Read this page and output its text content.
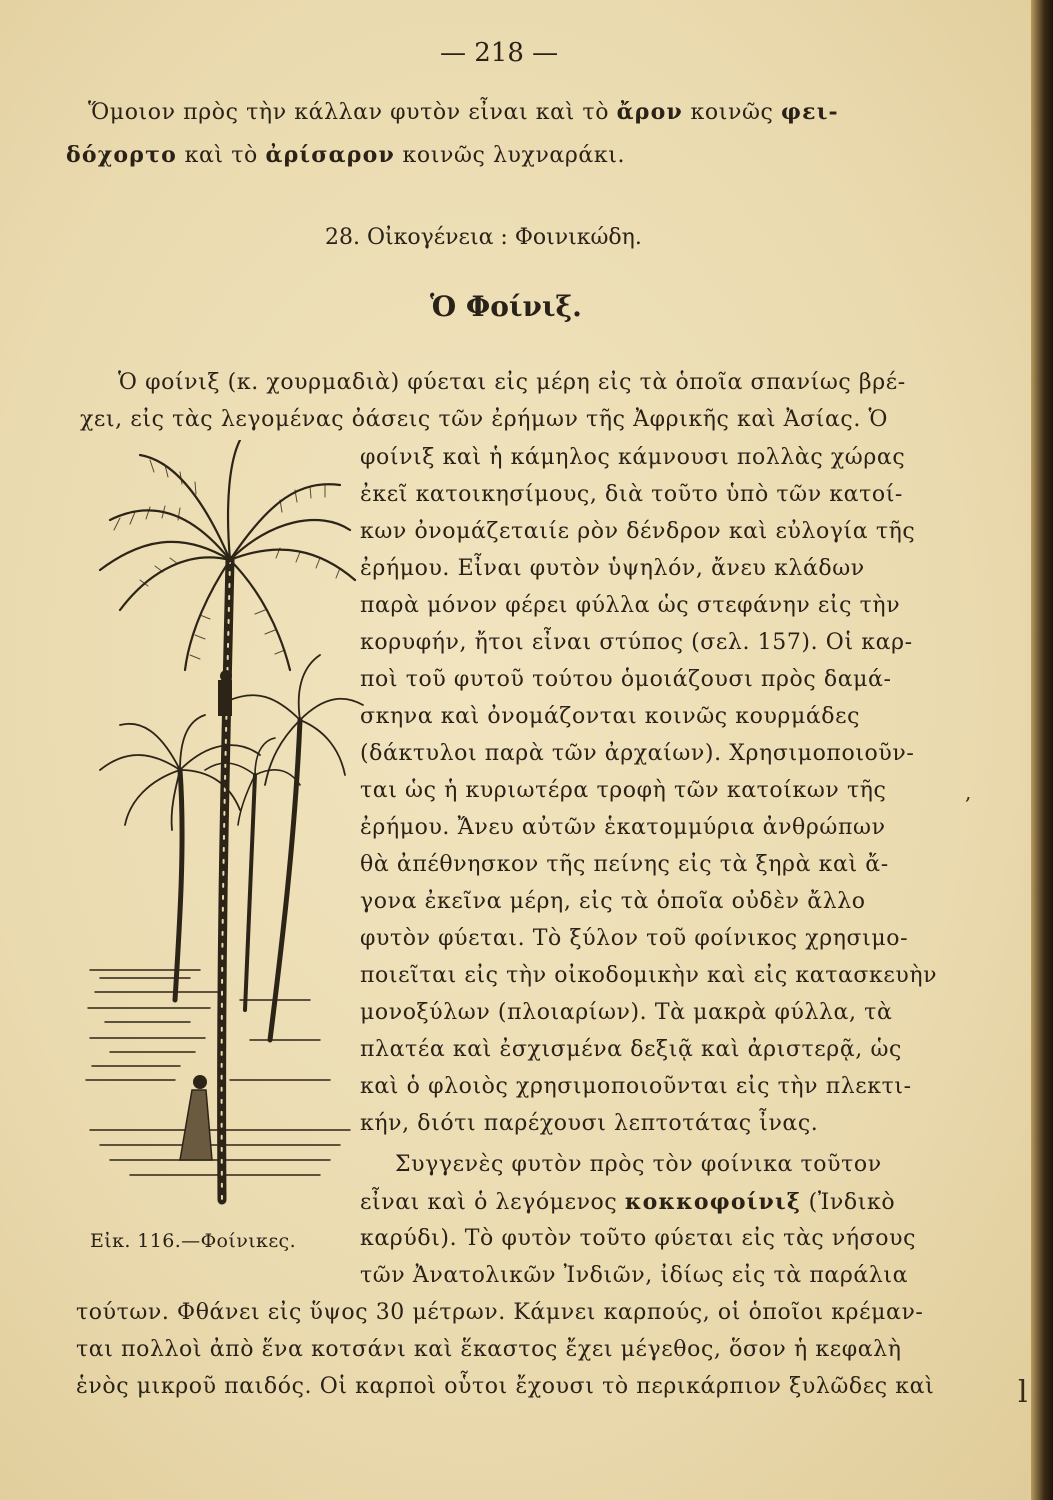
— 218 —
Ὅμοιον πρὸς τὴν κάλλαν φυτὸν εἶναι καὶ τὸ ἄρον κοινῶς φει-
δόχορτο καὶ τὸ ἀρίσαρον κοινῶς λυχναράκι.
28. Οἰκογένεια : Φοινικώδη.
Ὁ Φοίνιξ.
Ὁ φοίνιξ (κ. χουρμαδιὰ) φύεται εἰς μέρη εἰς τὰ ὁποῖα σπανίως βρέ-
χει, εἰς τὰς λεγομένας ὀάσεις τῶν ἐρήμων τῆς Ἀφρικῆς καὶ Ἀσίας. Ὁ
φοίνιξ καὶ ἡ κάμηλος κάμνουσι πολλὰς χώρας
ἐκεῖ κατοικησίμους, διὰ τοῦτο ὑπὸ τῶν κατοί-
κων ὀνομάζεταιίε ρὸν δένδρον καὶ εὐλογία τῆς
ἐρήμου. Εἶναι φυτὸν ὑψηλόν, ἄνευ κλάδων
παρὰ μόνον φέρει φύλλα ὡς στεφάνην εἰς τὴν
κορυφήν, ἤτοι εἶναι στύπος (σελ. 157). Οἱ καρ-
ποὶ τοῦ φυτοῦ τούτου ὁμοιάζουσι πρὸς δαμά-
σκηνα καὶ ὀνομάζονται κοινῶς κουρμάδες
(δάκτυλοι παρὰ τῶν ἀρχαίων). Χρησιμοποιοῦν-
ται ὡς ἡ κυριωτέρα τροφὴ τῶν κατοίκων τῆς
ἐρήμου. Ἄνευ αὐτῶν ἑκατομμύρια ἀνθρώπων
θὰ ἀπέθνησκον τῆς πείνης εἰς τὰ ξηρὰ καὶ ἄ-
γονα ἐκεῖνα μέρη, εἰς τὰ ὁποῖα οὐδὲν ἄλλο
φυτὸν φύεται. Τὸ ξύλον τοῦ φοίνικος χρησιμο-
ποιεῖται εἰς τὴν οἰκοδομικὴν καὶ εἰς κατασκευὴν
μονοξύλων (πλοιαρίων). Τὰ μακρὰ φύλλα, τὰ
πλατέα καὶ ἐσχισμένα δεξιᾷ καὶ ἀριστερᾷ, ὡς
καὶ ὁ φλοιὸς χρησιμοποιοῦνται εἰς τὴν πλεκτι-
κήν, διότι παρέχουσι λεπτοτάτας ἶνας.
Συγγενὲς φυτὸν πρὸς τὸν φοίνικα τοῦτον
εἶναι καὶ ὁ λεγόμενος κοκκοφοίνιξ (Ἰνδικὸ
καρύδι). Τὸ φυτὸν τοῦτο φύεται εἰς τὰς νήσους
τῶν Ἀνατολικῶν Ἰνδιῶν, ἰδίως εἰς τὰ παράλια
τούτων. Φθάνει εἰς ὕψος 30 μέτρων. Κάμνει καρπούς, οἱ ὁποῖοι κρέμαν-
ται πολλοὶ ἀπὸ ἕνα κοτσάνι καὶ ἕκαστος ἔχει μέγεθος, ὅσον ἡ κεφαλὴ
ἑνὸς μικροῦ παιδός. Οἱ καρποὶ οὗτοι ἔχουσι τὸ περικάρπιον ξυλῶδες καὶ
Εἰκ. 116.—Φοίνικες.
,
l
